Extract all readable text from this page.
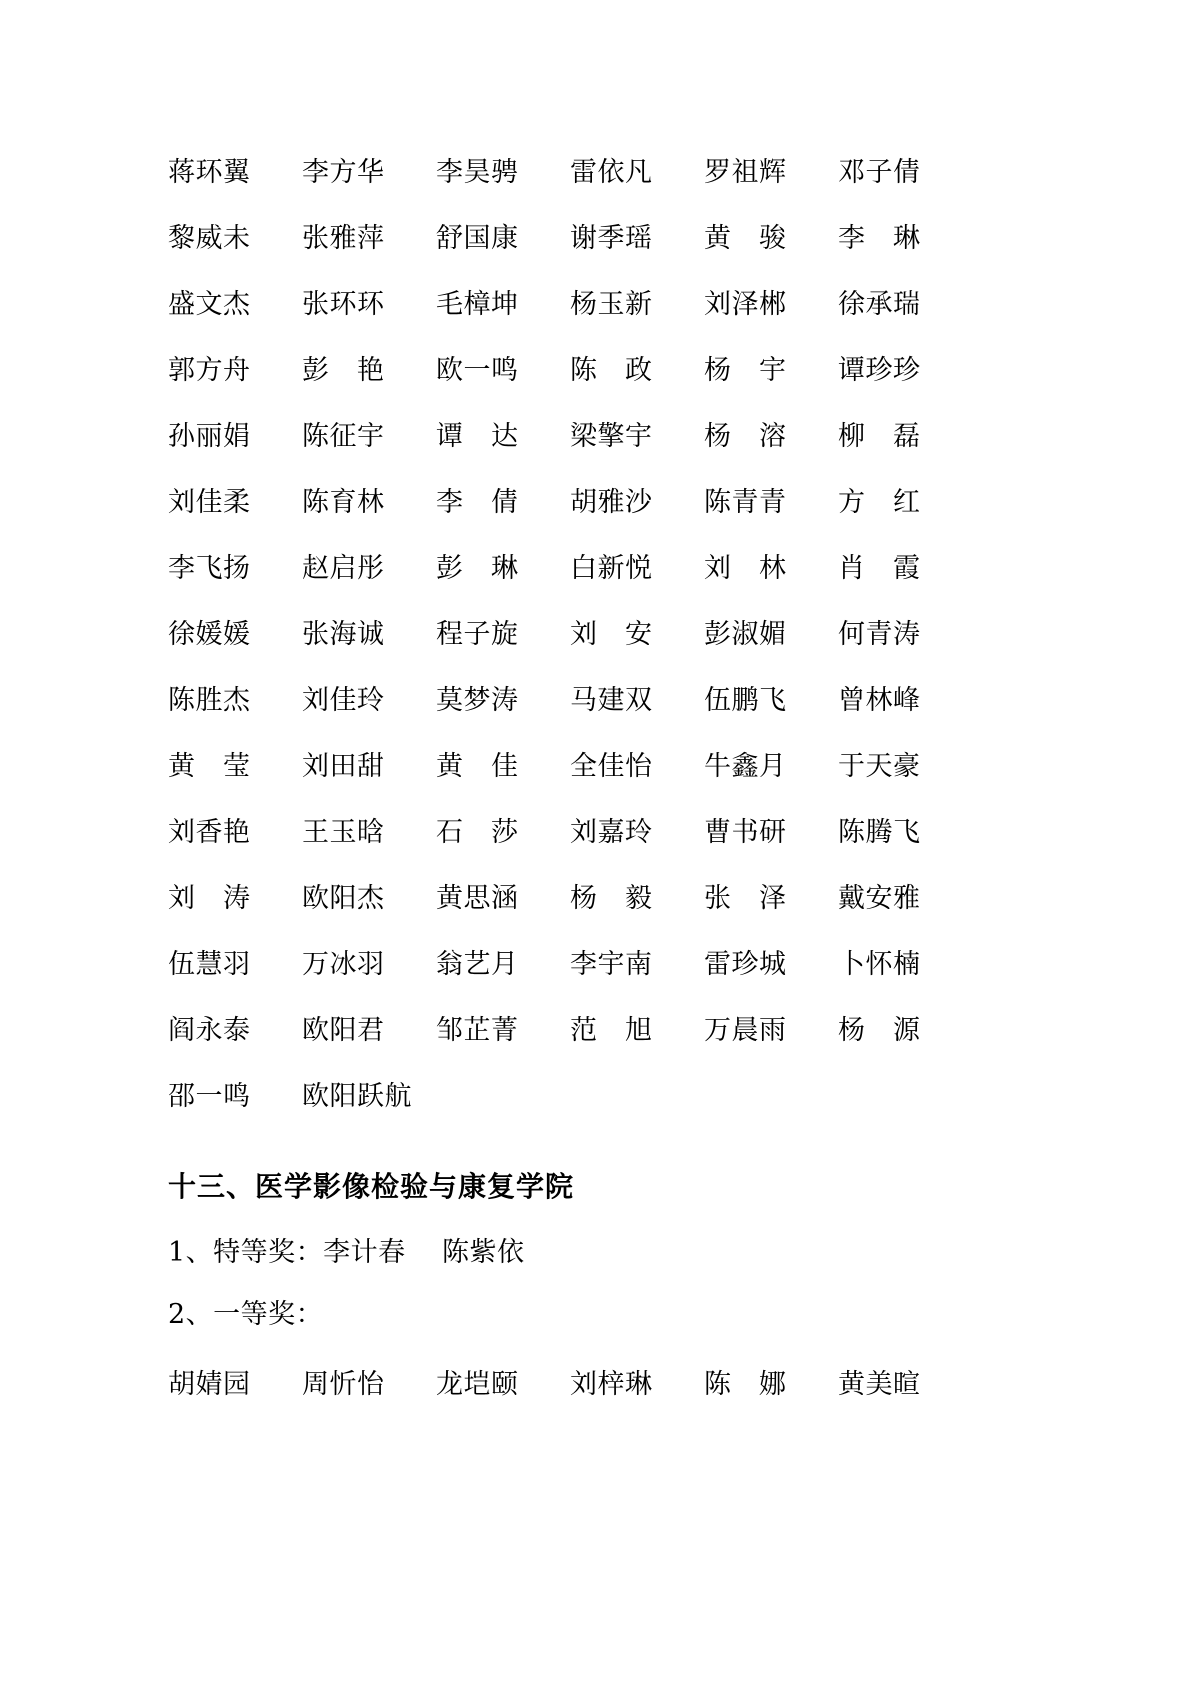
蒋环翼	李方华	李昊骋	雷依凡	罗祖辉	邓子倩
黎威未	张雅萍	舒国康	谢季瑶	黄　骏	李　琳
盛文杰	张环环	毛樟坤	杨玉新	刘泽郴	徐承瑞
郭方舟	彭　艳	欧一鸣	陈　政	杨　宇	谭珍珍
孙丽娟	陈征宇	谭　达	梁擎宇	杨　溶	柳　磊
刘佳柔	陈育林	李　倩	胡雅沙	陈青青	方　红
李飞扬	赵启彤	彭　琳	白新悦	刘　林	肖　霞
徐媛媛	张海诚	程子旋	刘　安	彭淑媚	何青涛
陈胜杰	刘佳玲	莫梦涛	马建双	伍鹏飞	曾林峰
黄　莹	刘田甜	黄　佳	全佳怡	牛鑫月	于天豪
刘香艳	王玉晗	石　莎	刘嘉玲	曹书研	陈腾飞
刘　涛	欧阳杰	黄思涵	杨　毅	张　泽	戴安雅
伍慧羽	万冰羽	翁艺月	李宇南	雷珍城	卜怀楠
阎永泰	欧阳君	邹芷菁	范　旭	万晨雨	杨　源
邵一鸣	欧阳跃航
十三、医学影像检验与康复学院
1、特等奖：李计春    陈紫依
2、一等奖：
胡婧园	周忻怡	龙垲颐	刘梓琳	陈　娜	黄美暄
